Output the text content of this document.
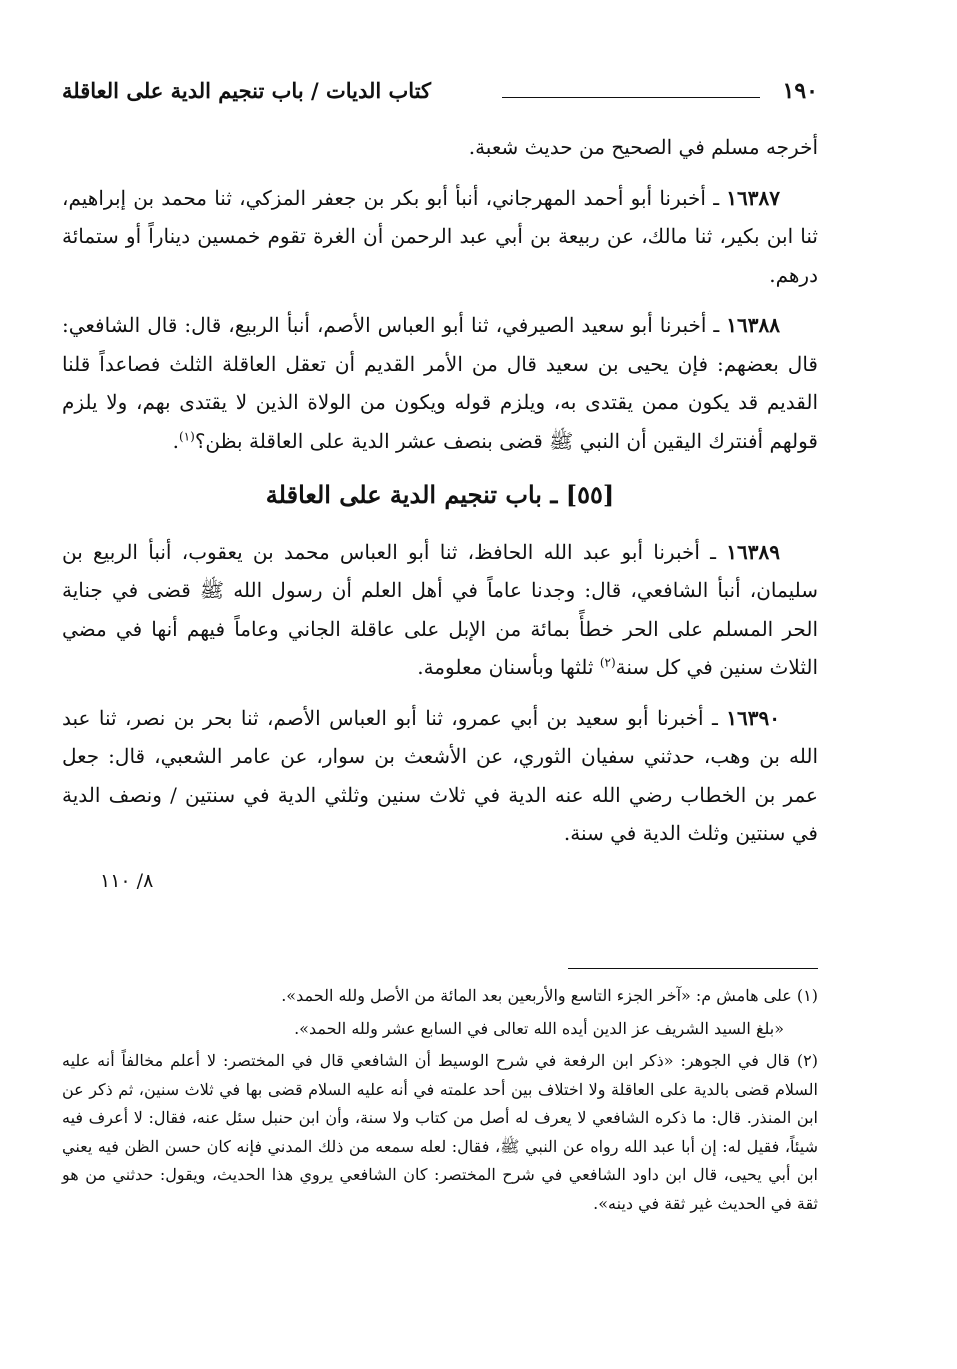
١٩٠
كتاب الديات / باب تنجيم الدية على العاقلة

أخرجه مسلم في الصحيح من حديث شعبة.

١٦٣٨٧ ـ أخبرنا أبو أحمد المهرجاني، أنبأ أبو بكر بن جعفر المزكي، ثنا محمد بن إبراهيم، ثنا ابن بكير، ثنا مالك، عن ربيعة بن أبي عبد الرحمن أن الغرة تقوم خمسين ديناراً أو ستمائة درهم.

١٦٣٨٨ ـ أخبرنا أبو سعيد الصيرفي، ثنا أبو العباس الأصم، أنبأ الربيع، قال: قال الشافعي: قال بعضهم: فإن يحيى بن سعيد قال من الأمر القديم أن تعقل العاقلة الثلث فصاعداً قلنا القديم قد يكون ممن يقتدى به، ويلزم قوله ويكون من الولاة الذين لا يقتدى بهم، ولا يلزم قولهم أفنترك اليقين أن النبي ﷺ قضى بنصف عشر الدية على العاقلة بظن؟$^{(١)}$.

[٥٥] ـ باب تنجيم الدية على العاقلة

١٦٣٨٩ ـ أخبرنا أبو عبد الله الحافظ، ثنا أبو العباس محمد بن يعقوب، أنبأ الربيع بن سليمان، أنبأ الشافعي، قال: وجدنا عاماً في أهل العلم أن رسول الله ﷺ قضى في جناية الحر المسلم على الحر خطأً بمائة من الإبل على عاقلة الجاني وعاماً فيهم أنها في مضي الثلاث سنين في كل سنة$^{(٢)}$ ثلثها وبأسنان معلومة.

١٦٣٩٠ ـ أخبرنا أبو سعيد بن أبي عمرو، ثنا أبو العباس الأصم، ثنا بحر بن نصر، ثنا عبد الله بن وهب، حدثني سفيان الثوري، عن الأشعث بن سوار، عن عامر الشعبي، قال: جعل عمر بن الخطاب رضي الله عنه الدية في ثلاث سنين وثلثي الدية في سنتين / ونصف الدية في سنتين وثلث الدية في سنة.

٨/ ١١٠

(١) على هامش م: «آخر الجزء التاسع والأربعين بعد المائة من الأصل ولله الحمد».

«بلغ السيد الشريف عز الدين أيده الله تعالى في السابع عشر ولله الحمد».

(٢) قال في الجوهر: «ذكر ابن الرفعة في شرح الوسيط أن الشافعي قال في المختصر: لا أعلم مخالفاً أنه عليه السلام قضى بالدية على العاقلة ولا اختلاف بين أحد علمته في أنه عليه السلام قضى بها في ثلاث سنين، ثم ذكر عن ابن المنذر. قال: ما ذكره الشافعي لا يعرف له أصل من كتاب ولا سنة، وأن ابن حنبل سئل عنه، فقال: لا أعرف فيه شيئاً، فقيل له: إن أبا عبد الله رواه عن النبي ﷺ، فقال: لعله سمعه من ذلك المدني فإنه كان حسن الظن فيه يعني ابن أبي يحيى، قال ابن داود الشافعي في شرح المختصر: كان الشافعي يروي هذا الحديث، ويقول: حدثني من هو ثقة في الحديث غير ثقة في دينه».
